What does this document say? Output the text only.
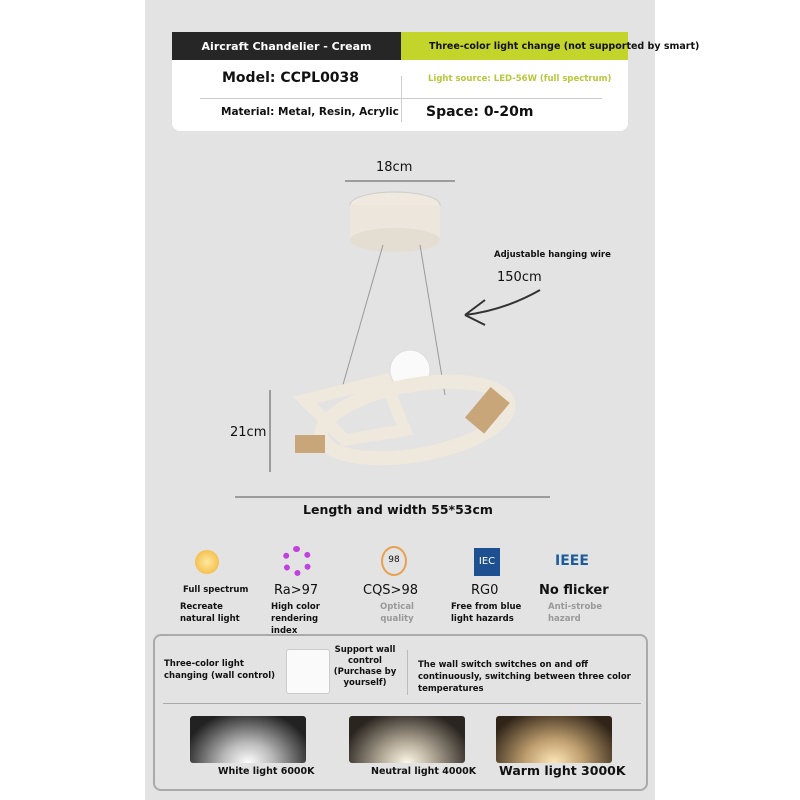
Aircraft Chandelier - Cream	Three-color light change (not supported by smart)
Model: CCPL0038	Light source: LED-56W (full spectrum)
Material: Metal, Resin, Acrylic Space: 0-20m
18cm
Adjustable hanging wire
150cm
21cm
Length and width 55*53cm
98	IEC	IEEE
Full spectrum
Recreate natural light
Ra>97
High color rendering index
CQS>98
Optical quality
RG0
Free from blue light hazards
No flicker
Anti-strobe hazard
Three-color light changing (wall control)
Support wall control (Purchase by yourself)
The wall switch switches on and off continuously, switching between three color temperatures
White light 6000K	Neutral light 4000K Warm light 3000K
